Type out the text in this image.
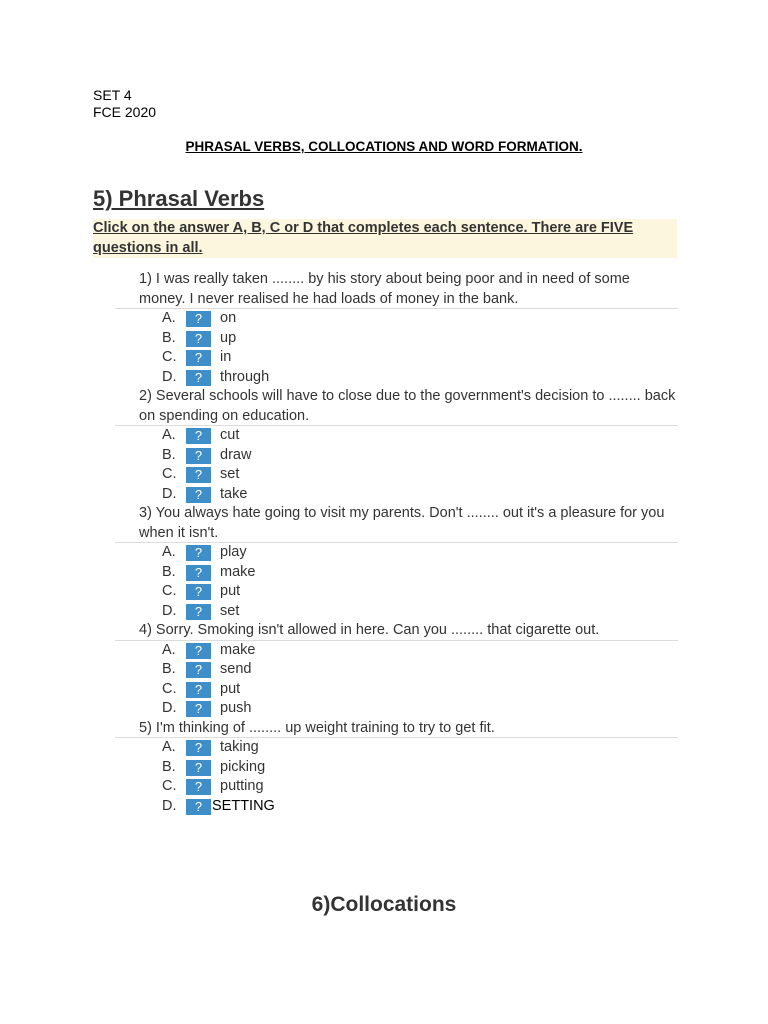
SET 4
FCE 2020
PHRASAL VERBS, COLLOCATIONS AND WORD FORMATION.
5) Phrasal Verbs
Click on the answer A, B, C or D that completes each sentence. There are FIVE questions in all.
1) I was really taken ........ by his story about being poor and in need of some money. I never realised he had loads of money in the bank.
A.	?	on
B.	?	up
C.	?	in
D.	?	through
2) Several schools will have to close due to the government's decision to ........ back on spending on education.
A.	?	cut
B.	?	draw
C.	?	set
D.	?	take
3) You always hate going to visit my parents. Don't ........ out it's a pleasure for you when it isn't.
A.	?	play
B.	?	make
C.	?	put
D.	?	set
4) Sorry. Smoking isn't allowed in here. Can you ........ that cigarette out.
A.	?	make
B.	?	send
C.	?	put
D.	?	push
5) I'm thinking of ........ up weight training to try to get fit.
A.	?	taking
B.	?	picking
C.	?	putting
D.	? SETTING
6)Collocations
